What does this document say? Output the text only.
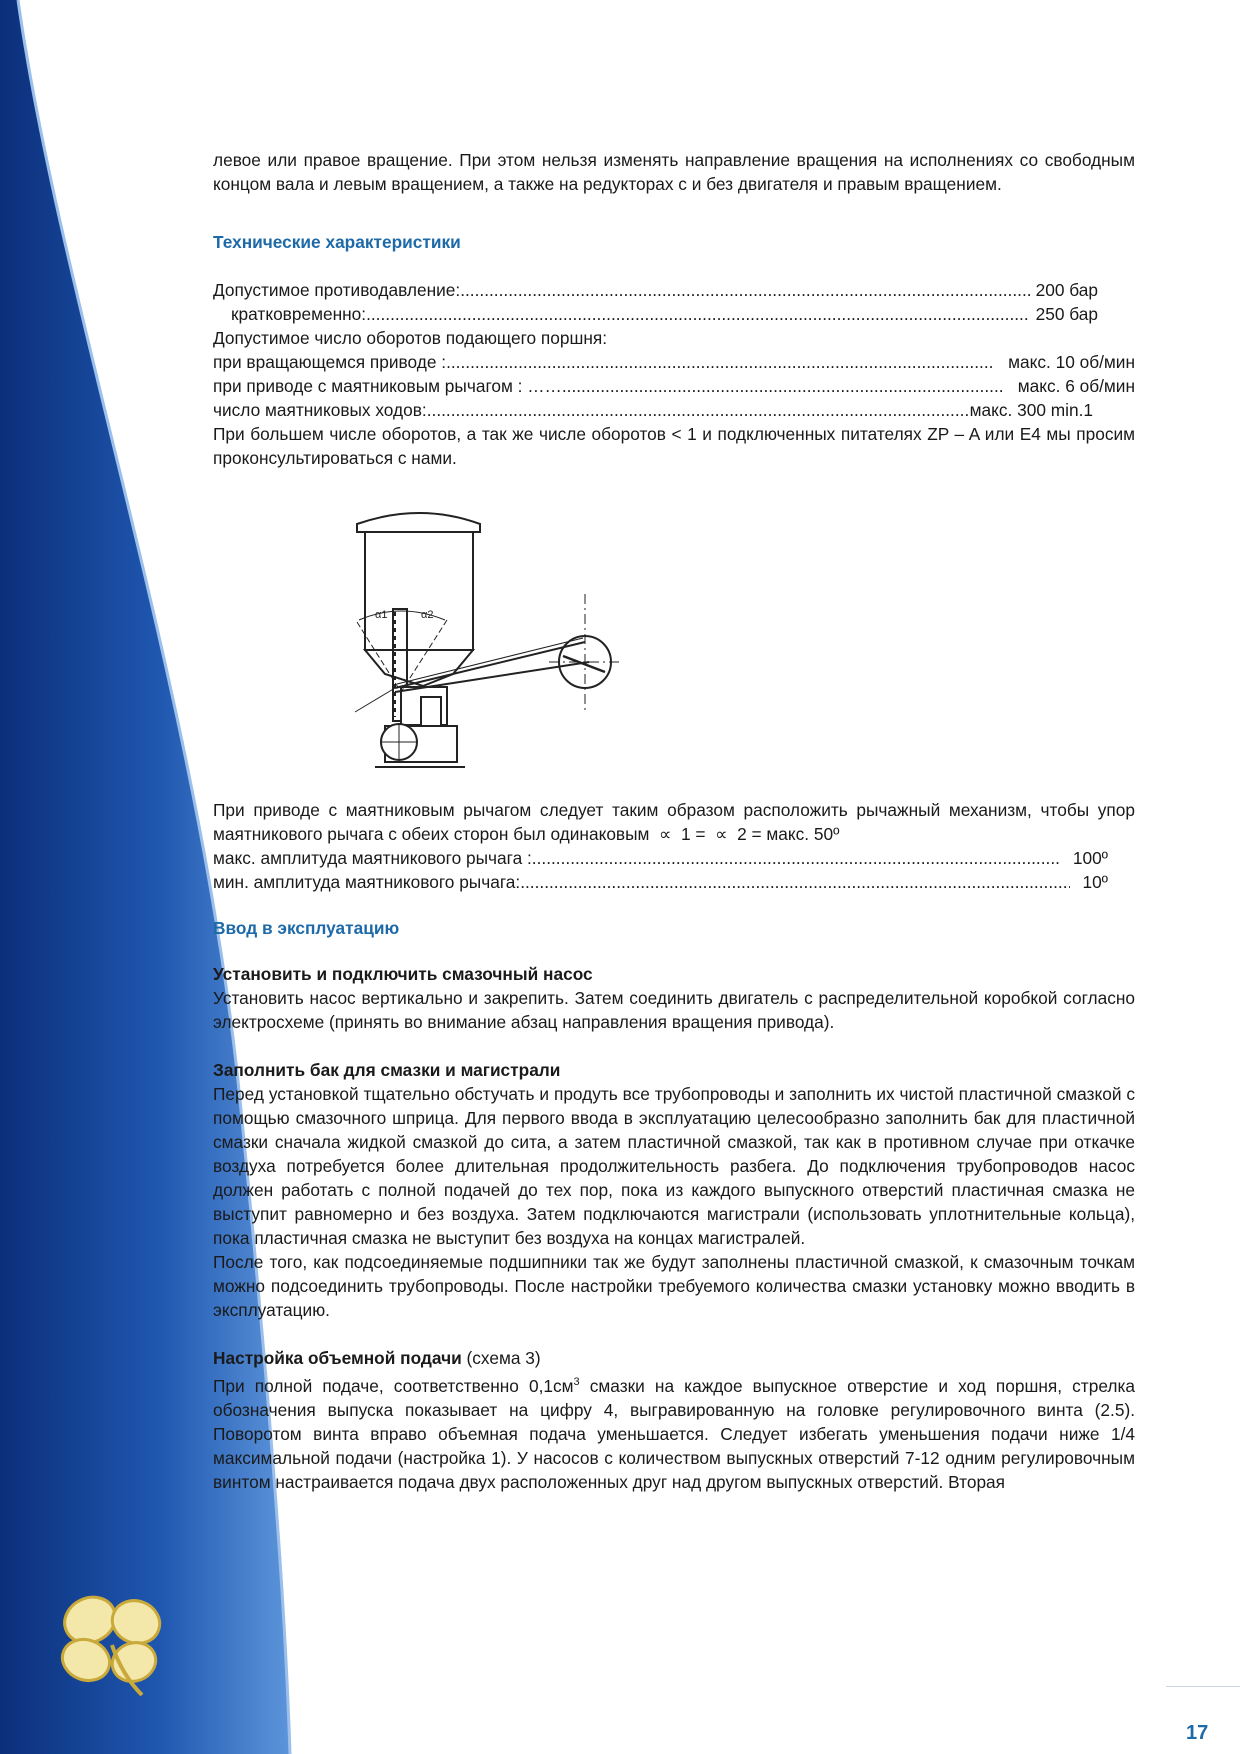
левое или правое вращение. При этом нельзя изменять направление вращения на исполнениях со свободным концом вала и левым вращением, а также на редукторах с и без двигателя и правым вращением.

Технические характеристики

Допустимое противодавление: .....	200 бар
кратковременно: .....	250 бар

Допустимое число оборотов подающего поршня:

при вращающемся приводе : .....	макс. 10 об/мин
при приводе с маятниковым рычагом : …… .....	макс. 6 об/мин
число маятниковых ходов: .....	макс. 300 min.1

При большем числе оборотов, а так же числе оборотов < 1 и подключенных питателях ZP – A или E4 мы просим проконсультироваться с нами.

α1	α2

При приводе с маятниковым рычагом следует таким образом расположить рычажный механизм, чтобы упор маятникового рычага с обеих сторон был одинаковым  ∝  1 =  ∝  2 = макс. 50º

макс. амплитуда маятникового рычага : .....	100º
мин. амплитуда маятникового рычага: .....	10º

Ввод в эксплуатацию

Установить и подключить смазочный насос

Установить насос вертикально и закрепить. Затем соединить двигатель с распределительной коробкой согласно электросхеме (принять во внимание абзац направления вращения привода).

Заполнить бак для смазки и магистрали

Перед установкой тщательно обстучать и продуть все трубопроводы и заполнить их чистой пластичной смазкой с помощью смазочного шприца. Для первого ввода в эксплуатацию целесообразно заполнить бак для пластичной смазки сначала жидкой смазкой до сита, а затем пластичной смазкой, так как в противном случае при откачке воздуха потребуется более длительная продолжительность разбега. До подключения трубопроводов насос должен работать с полной подачей до тех пор, пока из каждого выпускного отверстий пластичная смазка не выступит равномерно и без воздуха. Затем подключаются магистрали (использовать уплотнительные кольца), пока пластичная смазка не выступит без воздуха на концах магистралей.

После того, как подсоединяемые подшипники так же будут заполнены пластичной смазкой, к смазочным точкам можно подсоединить трубопроводы. После настройки требуемого количества смазки установку можно вводить в эксплуатацию.

Настройка объемной подачи (схема 3)

При полной подаче, соответственно $0,1см^3$ смазки на каждое выпускное отверстие и ход поршня, стрелка обозначения выпуска показывает на цифру 4, выгравированную на головке регулировочного винта (2.5). Поворотом винта вправо объемная подача уменьшается. Следует избегать уменьшения подачи ниже 1/4 максимальной подачи (настройка 1). У насосов с количеством выпускных отверстий 7-12 одним регулировочным винтом настраивается подача двух расположенных друг над другом выпускных отверстий. Вторая

17
